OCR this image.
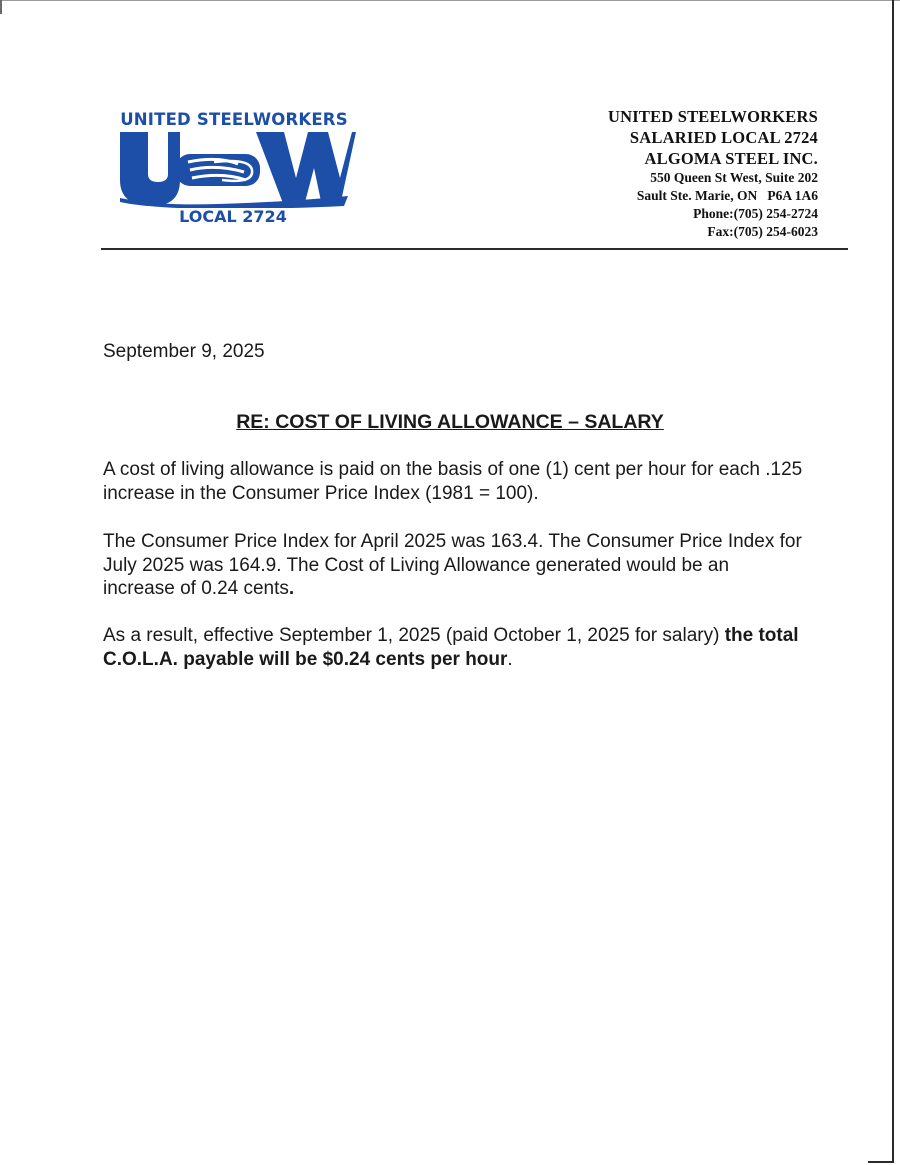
UNITED STEELWORKERS
LOCAL 2724
UNITED STEELWORKERS
SALARIED LOCAL 2724
ALGOMA STEEL INC.
550 Queen St West, Suite 202
Sault Ste. Marie, ON   P6A 1A6
Phone:(705) 254-2724
Fax:(705) 254-6023
September 9, 2025
RE: COST OF LIVING ALLOWANCE – SALARY
A cost of living allowance is paid on the basis of one (1) cent per hour for each .125 increase in the Consumer Price Index (1981 = 100).
The Consumer Price Index for April 2025 was 163.4. The Consumer Price Index for July 2025 was 164.9. The Cost of Living Allowance generated would be an increase of 0.24 cents.
As a result, effective September 1, 2025 (paid October 1, 2025 for salary) the total C.O.L.A. payable will be $0.24 cents per hour.
